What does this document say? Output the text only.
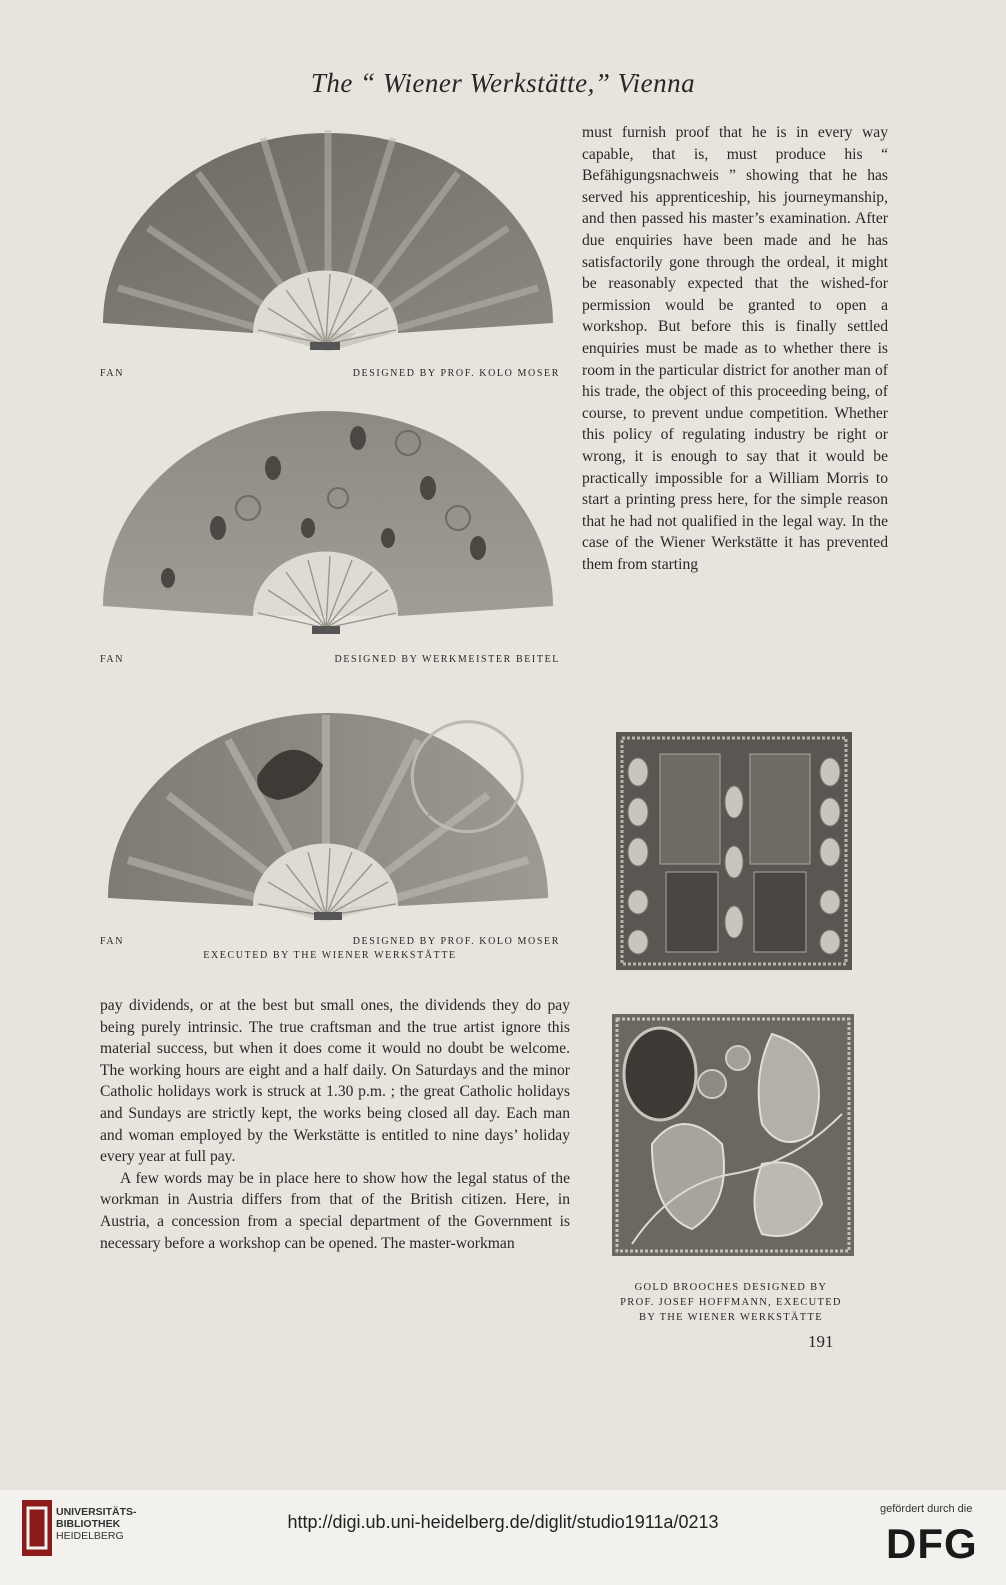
The “ Wiener Werkstätte,” Vienna
FAN	DESIGNED BY PROF. KOLO MOSER
FAN	DESIGNED BY WERKMEISTER BEITEL
FAN	DESIGNED BY PROF. KOLO MOSER
EXECUTED BY THE WIENER WERKSTÄTTE

must furnish proof that he is in every way capable, that is, must produce his “ Befähigungsnachweis ” showing that he has served his apprenticeship, his journeymanship, and then passed his master’s examination. After due enquiries have been made and he has satisfactorily gone through the ordeal, it might be reasonably expected that the wished-for permission would be granted to open a workshop. But before this is finally settled enquiries must be made as to whether there is room in the particular district for another man of his trade, the object of this proceeding being, of course, to prevent undue competition. Whether this policy of regulating industry be right or wrong, it is enough to say that it would be practically impossible for a William Morris to start a printing press here, for the simple reason that he had not qualified in the legal way. In the case of the Wiener Werkstätte it has prevented them from starting

GOLD BROOCHES DESIGNED BY
PROF. JOSEF HOFFMANN, EXECUTED
BY THE WIENER WERKSTÄTTE

pay dividends, or at the best but small ones, the dividends they do pay being purely intrinsic. The true craftsman and the true artist ignore this material success, but when it does come it would no doubt be welcome. The working hours are eight and a half daily. On Saturdays and the minor Catholic holidays work is struck at 1.30 p.m. ; the great Catholic holidays and Sundays are strictly kept, the works being closed all day. Each man and woman employed by the Werkstätte is entitled to nine days’ holiday every year at full pay.

A few words may be in place here to show how the legal status of the workman in Austria differs from that of the British citizen. Here, in Austria, a concession from a special department of the Government is necessary before a workshop can be opened. The master-workman

191
UNIVERSITÄTS-
BIBLIOTHEK
HEIDELBERG
http://digi.ub.uni-heidelberg.de/diglit/studio1911a/0213
gefördert durch die
DFG
